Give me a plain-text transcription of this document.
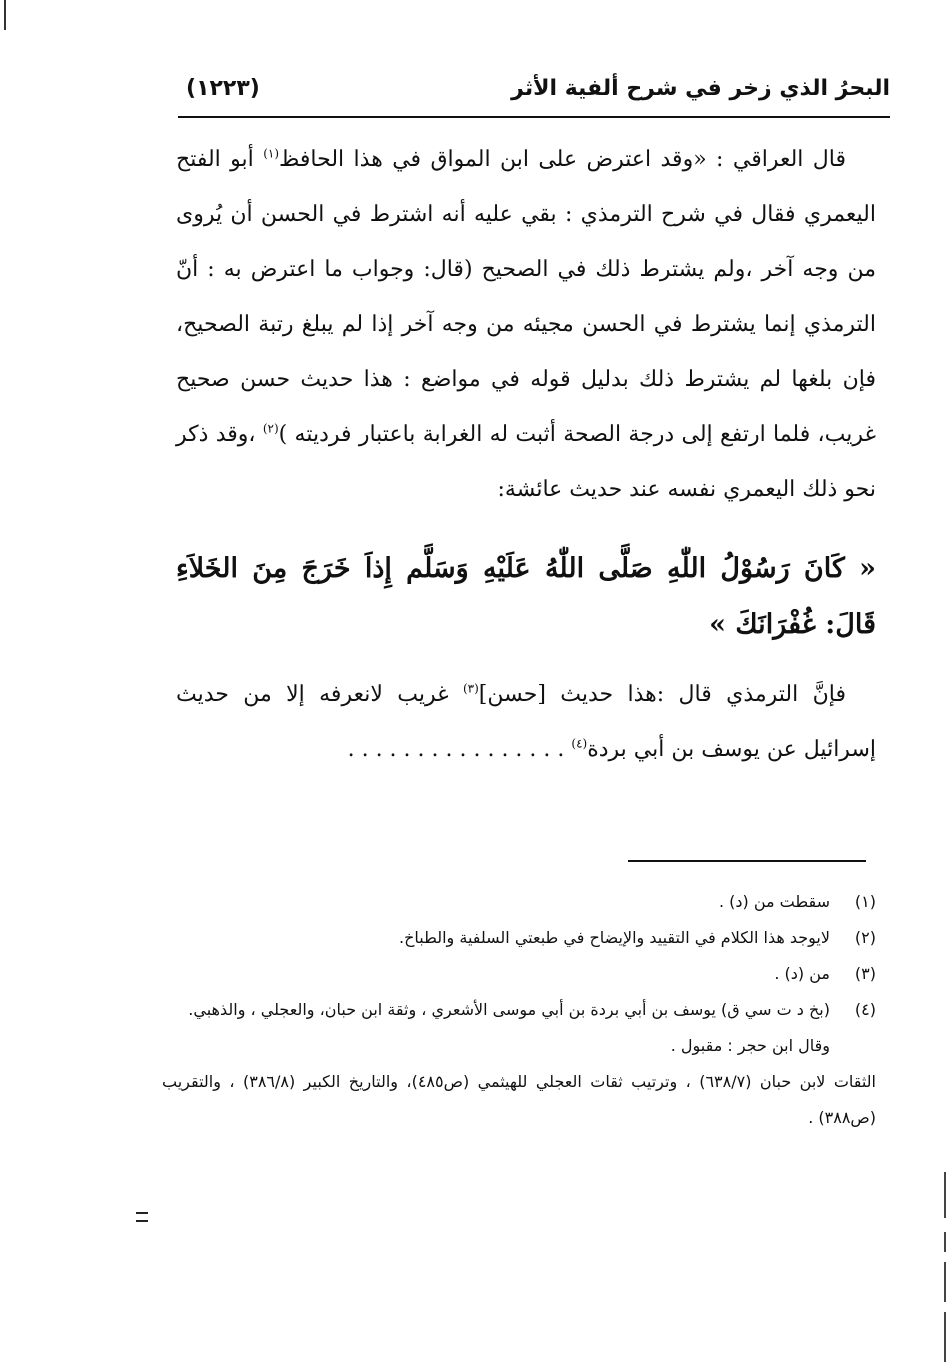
البحرُ الذي زخر في شرح ألفية الأثر
(١٢٢٣)

قال العراقي : «وقد اعترض على ابن المواق في هذا الحافظ$^{(١)}$ أبو الفتح اليعمري فقال في شرح الترمذي : بقي عليه أنه اشترط في الحسن أن يُروى من وجه آخر ،ولم يشترط ذلك في الصحيح (قال: وجواب ما اعترض به : أنّ الترمذي إنما يشترط في الحسن مجيئه من وجه آخر إذا لم يبلغ رتبة الصحيح، فإن بلغها لم يشترط ذلك بدليل قوله في مواضع : هذا حديث حسن صحيح غريب، فلما ارتفع إلى درجة الصحة أثبت له الغرابة باعتبار فرديته )$^{(٢)}$ ،وقد ذكر نحو ذلك اليعمري نفسه عند حديث عائشة:

« كَانَ رَسُوْلُ اللّٰهِ صَلَّى اللّٰهُ عَلَيْهِ وَسَلَّم إِذاَ خَرَجَ مِنَ الخَلاَءِ قَالَ: غُفْرَانَكَ »

فإنَّ الترمذي قال :هذا حديث [حسن]$^{(٣)}$ غريب لانعرفه إلا من حديث إسرائيل عن يوسف بن أبي بردة$^{(٤)}$ . . . . . . . . . . . . . . . .

(١)
سقطت من (د) .

(٢)
لايوجد هذا الكلام في التقييد والإيضاح في طبعتي السلفية والطباخ.

(٣)
من (د) .

(٤)
(بخ د ت سي ق) يوسف بن أبي بردة بن أبي موسى الأشعري ، وثقة ابن حبان، والعجلي ، والذهبي.

وقال ابن حجر : مقبول .

الثقات لابن حبان (٦٣٨/٧) ، وترتيب ثقات العجلي للهيثمي (ص٤٨٥)، والتاريخ الكبير (٣٨٦/٨) ، والتقريب (ص٣٨٨) .
